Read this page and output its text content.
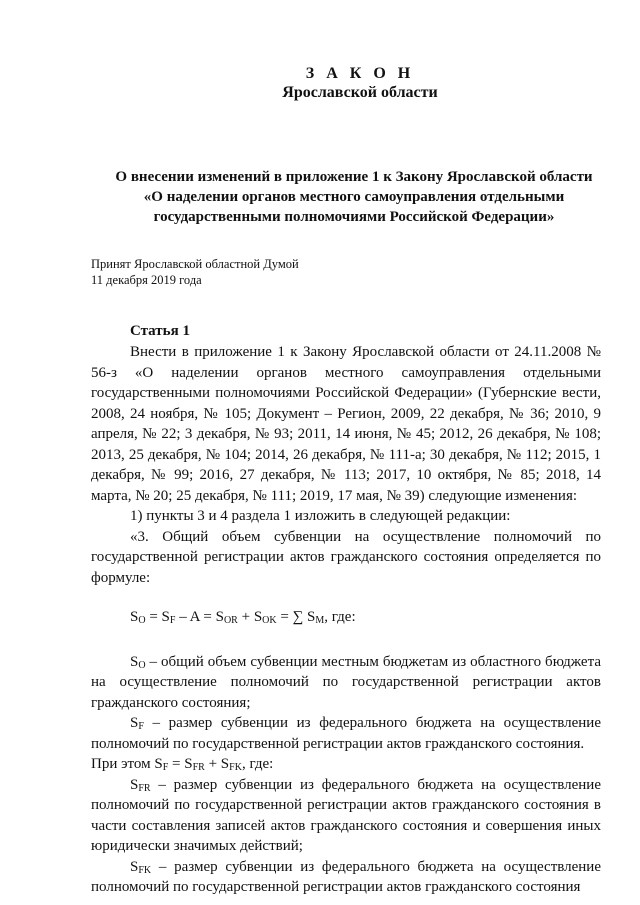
З А К О Н
Ярославской области
О внесении изменений в приложение 1 к Закону Ярославской области
«О наделении органов местного самоуправления отдельными
государственными полномочиями Российской Федерации»
Принят Ярославской областной Думой
11 декабря 2019 года
Статья 1

Внести в приложение 1 к Закону Ярославской области от 24.11.2008 № 56-з «О наделении органов местного самоуправления отдельными государственными полномочиями Российской Федерации» (Губернские вести, 2008, 24 ноября, № 105; Документ – Регион, 2009, 22 декабря, № 36; 2010, 9 апреля, № 22; 3 декабря, № 93; 2011, 14 июня, № 45; 2012, 26 декабря, № 108; 2013, 25 декабря, № 104; 2014, 26 декабря, № 111-а; 30 декабря, № 112; 2015, 1 декабря, № 99; 2016, 27 декабря, № 113; 2017, 10 октября, № 85; 2018, 14 марта, № 20; 25 декабря, № 111; 2019, 17 мая, № 39) следующие изменения:

1) пункты 3 и 4 раздела 1 изложить в следующей редакции:

«3. Общий объем субвенции на осуществление полномочий по государственной регистрации актов гражданского состояния определяется по формуле:

$S_O = S_F - A = S_{OR} + S_{OK}$ = ∑ $S_M$, где:

$S_O$ – общий объем субвенции местным бюджетам из областного бюджета на осуществление полномочий по государственной регистрации актов гражданского состояния;

$S_F$ – размер субвенции из федерального бюджета на осуществление полномочий по государственной регистрации актов гражданского состояния.

При этом $S_F = S_{FR} + S_{FK}$, где:

$S_{FR}$ – размер субвенции из федерального бюджета на осуществление полномочий по государственной регистрации актов гражданского состояния в части составления записей актов гражданского состояния и совершения иных юридически значимых действий;

$S_{FK}$ – размер субвенции из федерального бюджета на осуществление полномочий по государственной регистрации актов гражданского состояния
